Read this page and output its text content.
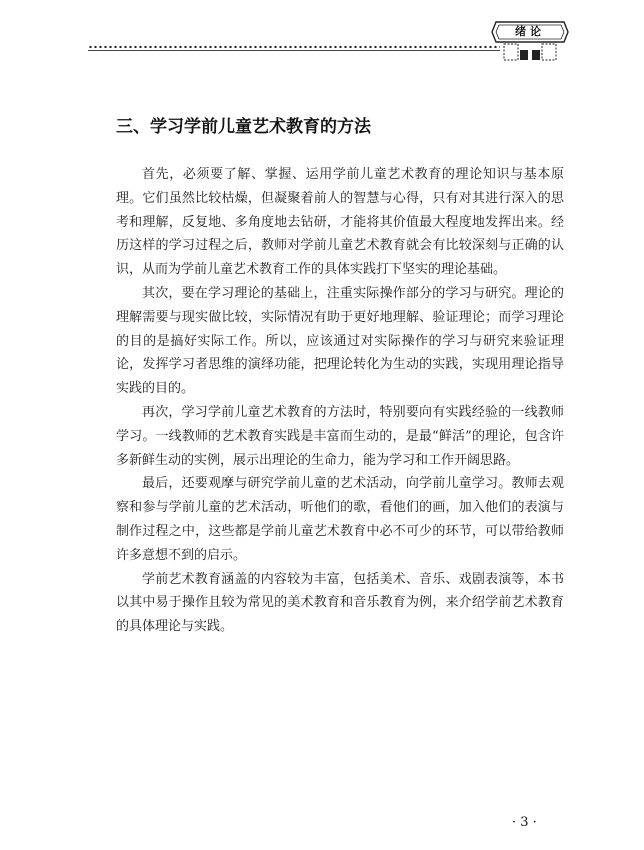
绪论
三、学习学前儿童艺术教育的方法

首先，必须要了解、掌握、运用学前儿童艺术教育的理论知识与基本原理。它们虽然比较枯燥，但凝聚着前人的智慧与心得，只有对其进行深入的思考和理解，反复地、多角度地去钻研，才能将其价值最大程度地发挥出来。经历这样的学习过程之后，教师对学前儿童艺术教育就会有比较深刻与正确的认识，从而为学前儿童艺术教育工作的具体实践打下坚实的理论基础。

其次，要在学习理论的基础上，注重实际操作部分的学习与研究。理论的理解需要与现实做比较，实际情况有助于更好地理解、验证理论；而学习理论的目的是搞好实际工作。所以，应该通过对实际操作的学习与研究来验证理论，发挥学习者思维的演绎功能，把理论转化为生动的实践，实现用理论指导实践的目的。

再次，学习学前儿童艺术教育的方法时，特别要向有实践经验的一线教师学习。一线教师的艺术教育实践是丰富而生动的，是最“鲜活”的理论，包含许多新鲜生动的实例，展示出理论的生命力，能为学习和工作开阔思路。

最后，还要观摩与研究学前儿童的艺术活动，向学前儿童学习。教师去观察和参与学前儿童的艺术活动，听他们的歌，看他们的画，加入他们的表演与制作过程之中，这些都是学前儿童艺术教育中必不可少的环节，可以带给教师许多意想不到的启示。

学前艺术教育涵盖的内容较为丰富，包括美术、音乐、戏剧表演等，本书以其中易于操作且较为常见的美术教育和音乐教育为例，来介绍学前艺术教育的具体理论与实践。

· 3 ·
